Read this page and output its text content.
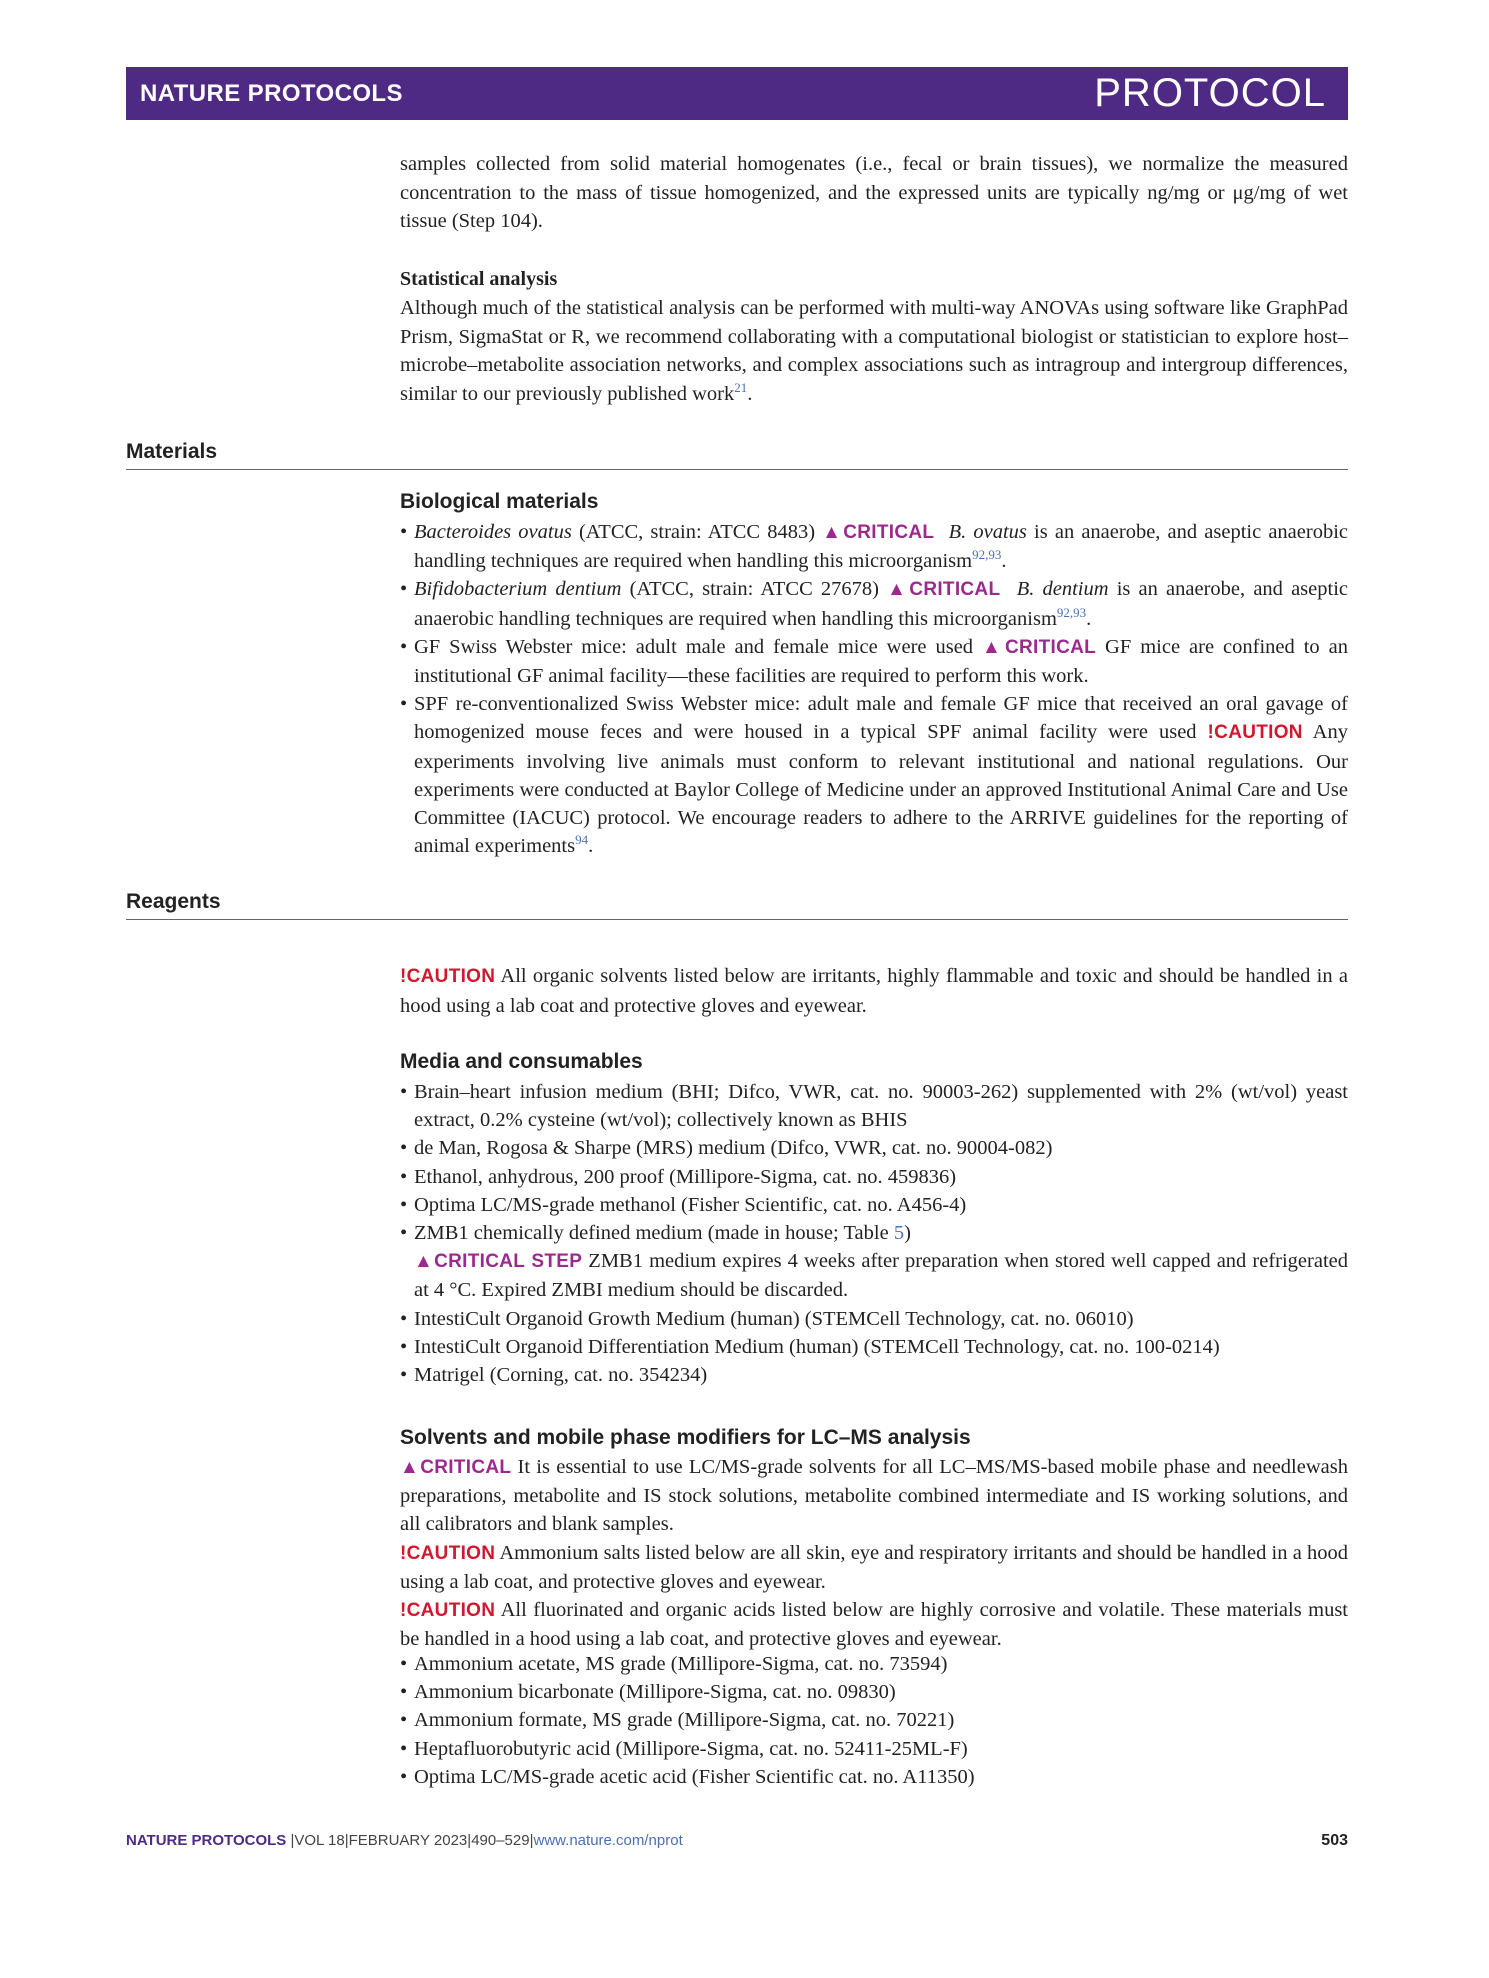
NATURE PROTOCOLS	PROTOCOL

samples collected from solid material homogenates (i.e., fecal or brain tissues), we normalize the measured concentration to the mass of tissue homogenized, and the expressed units are typically ng/mg or μg/mg of wet tissue (Step 104).

Statistical analysis

Although much of the statistical analysis can be performed with multi-way ANOVAs using software like GraphPad Prism, SigmaStat or R, we recommend collaborating with a computational biologist or statistician to explore host–microbe–metabolite association networks, and complex associations such as intragroup and intergroup differences, similar to our previously published work$^{21}$.

Materials
Biological materials
• Bacteroides ovatus (ATCC, strain: ATCC 8483) ▲CRITICAL B. ovatus is an anaerobe, and aseptic anaerobic handling techniques are required when handling this microorganism$^{92,93}$.
• Bifidobacterium dentium (ATCC, strain: ATCC 27678) ▲CRITICAL B. dentium is an anaerobe, and aseptic anaerobic handling techniques are required when handling this microorganism$^{92,93}$.
• GF Swiss Webster mice: adult male and female mice were used ▲CRITICAL GF mice are confined to an institutional GF animal facility—these facilities are required to perform this work.
• SPF re-conventionalized Swiss Webster mice: adult male and female GF mice that received an oral gavage of homogenized mouse feces and were housed in a typical SPF animal facility were used !CAUTION Any experiments involving live animals must conform to relevant institutional and national regulations. Our experiments were conducted at Baylor College of Medicine under an approved Institutional Animal Care and Use Committee (IACUC) protocol. We encourage readers to adhere to the ARRIVE guidelines for the reporting of animal experiments$^{94}$.
Reagents

!CAUTION All organic solvents listed below are irritants, highly flammable and toxic and should be handled in a hood using a lab coat and protective gloves and eyewear.

Media and consumables
• Brain–heart infusion medium (BHI; Difco, VWR, cat. no. 90003-262) supplemented with 2% (wt/vol) yeast extract, 0.2% cysteine (wt/vol); collectively known as BHIS
• de Man, Rogosa & Sharpe (MRS) medium (Difco, VWR, cat. no. 90004-082)
• Ethanol, anhydrous, 200 proof (Millipore-Sigma, cat. no. 459836)
• Optima LC/MS-grade methanol (Fisher Scientific, cat. no. A456-4)
• ZMB1 chemically defined medium (made in house; Table 5)
▲CRITICAL STEP ZMB1 medium expires 4 weeks after preparation when stored well capped and refrigerated at 4 °C. Expired ZMBI medium should be discarded.
• IntestiCult Organoid Growth Medium (human) (STEMCell Technology, cat. no. 06010)
• IntestiCult Organoid Differentiation Medium (human) (STEMCell Technology, cat. no. 100-0214)
• Matrigel (Corning, cat. no. 354234)
Solvents and mobile phase modifiers for LC–MS analysis

▲CRITICAL It is essential to use LC/MS-grade solvents for all LC–MS/MS-based mobile phase and needlewash preparations, metabolite and IS stock solutions, metabolite combined intermediate and IS working solutions, and all calibrators and blank samples.
!CAUTION Ammonium salts listed below are all skin, eye and respiratory irritants and should be handled in a hood using a lab coat, and protective gloves and eyewear.
!CAUTION All fluorinated and organic acids listed below are highly corrosive and volatile. These materials must be handled in a hood using a lab coat, and protective gloves and eyewear.

• Ammonium acetate, MS grade (Millipore-Sigma, cat. no. 73594)
• Ammonium bicarbonate (Millipore-Sigma, cat. no. 09830)
• Ammonium formate, MS grade (Millipore-Sigma, cat. no. 70221)
• Heptafluorobutyric acid (Millipore-Sigma, cat. no. 52411-25ML-F)
• Optima LC/MS-grade acetic acid (Fisher Scientific cat. no. A11350)
NATURE PROTOCOLS |VOL 18|FEBRUARY 2023|490–529|www.nature.com/nprot	503
